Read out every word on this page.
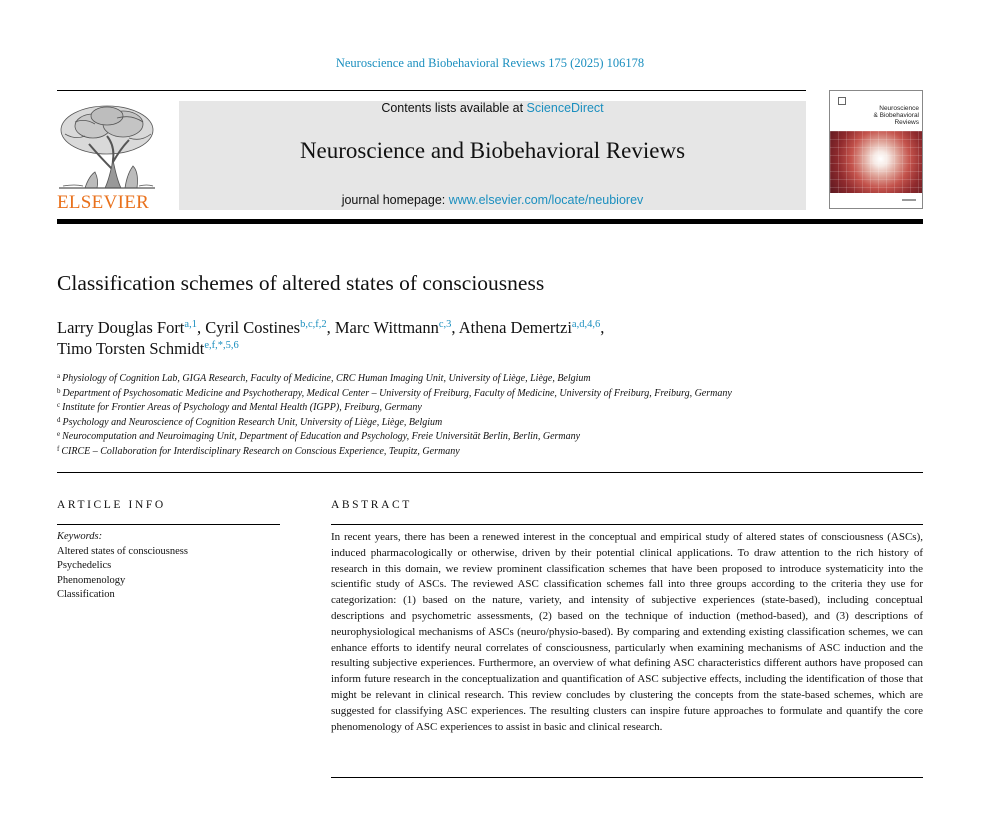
Neuroscience and Biobehavioral Reviews 175 (2025) 106178
ELSEVIER
Contents lists available at ScienceDirect
Neuroscience and Biobehavioral Reviews
journal homepage: www.elsevier.com/locate/neubiorev
Neuroscience
& Biobehavioral
Reviews
Classification schemes of altered states of consciousness
Larry Douglas Fort$^{a,1}$, Cyril Costines$^{b,c,f,2}$, Marc Wittmann$^{c,3}$, Athena Demertzi$^{a,d,4,6}$,
Timo Torsten Schmidt$^{e,f,*,5,6}$
$^a$ Physiology of Cognition Lab, GIGA Research, Faculty of Medicine, CRC Human Imaging Unit, University of Liège, Liège, Belgium
$^b$ Department of Psychosomatic Medicine and Psychotherapy, Medical Center – University of Freiburg, Faculty of Medicine, University of Freiburg, Freiburg, Germany
$^c$ Institute for Frontier Areas of Psychology and Mental Health (IGPP), Freiburg, Germany
$^d$ Psychology and Neuroscience of Cognition Research Unit, University of Liège, Liège, Belgium
$^e$ Neurocomputation and Neuroimaging Unit, Department of Education and Psychology, Freie Universität Berlin, Berlin, Germany
$^f$ CIRCE – Collaboration for Interdisciplinary Research on Conscious Experience, Teupitz, Germany
ARTICLE INFO
Keywords:
Altered states of consciousness
Psychedelics
Phenomenology
Classification
ABSTRACT

In recent years, there has been a renewed interest in the conceptual and empirical study of altered states of consciousness (ASCs), induced pharmacologically or otherwise, driven by their potential clinical applications. To draw attention to the rich history of research in this domain, we review prominent classification schemes that have been proposed to introduce systematicity into the scientific study of ASCs. The reviewed ASC classification schemes fall into three groups according to the criteria they use for categorization: (1) based on the nature, variety, and intensity of subjective experiences (state-based), including conceptual descriptions and psychometric assessments, (2) based on the technique of induction (method-based), and (3) descriptions of neurophysiological mechanisms of ASCs (neuro/physio-based). By comparing and extending existing classification schemes, we can enhance efforts to identify neural correlates of consciousness, particularly when examining mechanisms of ASC induction and the resulting subjective experiences. Furthermore, an overview of what defining ASC characteristics different authors have proposed can inform future research in the conceptualization and quantification of ASC subjective effects, including the identification of those that might be relevant in clinical research. This review concludes by clustering the concepts from the state-based schemes, which are suggested for classifying ASC experiences. The resulting clusters can inspire future approaches to formulate and quantify the core phenomenology of ASC experiences to assist in basic and clinical research.
